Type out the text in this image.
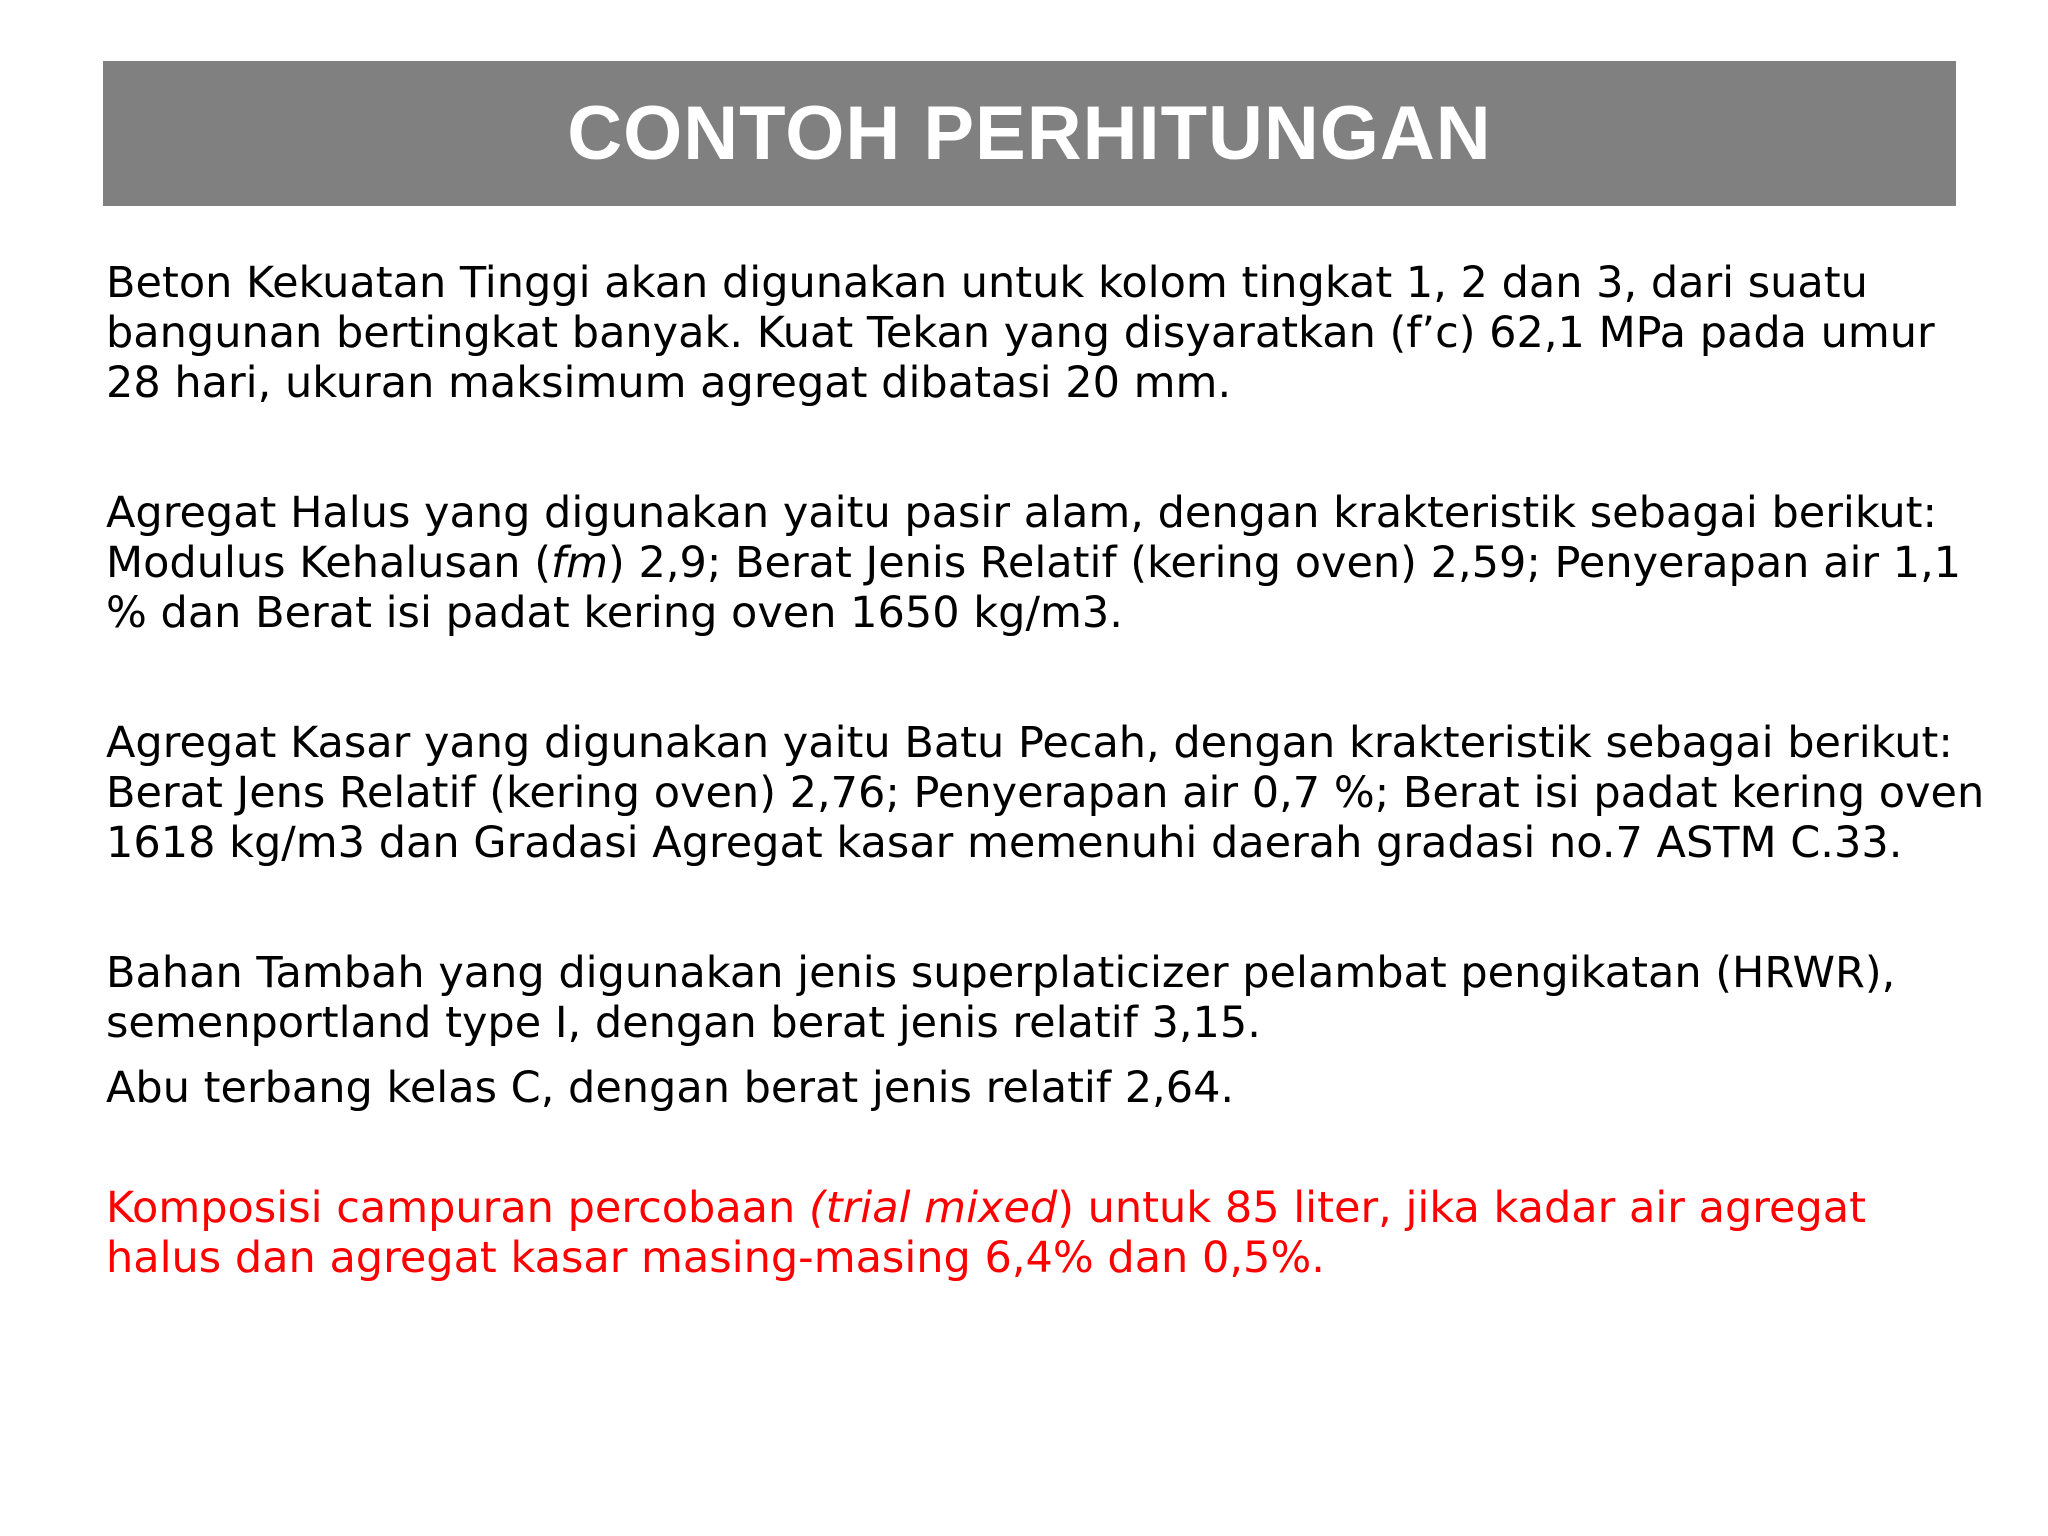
CONTOH PERHITUNGAN

Beton Kekuatan Tinggi akan digunakan untuk kolom tingkat 1, 2 dan 3, dari suatu bangunan bertingkat banyak. Kuat Tekan yang disyaratkan (f’c) 62,1 MPa pada umur 28 hari, ukuran maksimum agregat dibatasi 20 mm.

Agregat Halus yang digunakan yaitu pasir alam, dengan krakteristik sebagai berikut: Modulus Kehalusan (fm) 2,9; Berat Jenis Relatif (kering oven) 2,59; Penyerapan air 1,1 % dan Berat isi padat kering oven 1650 kg/m3.

Agregat Kasar yang digunakan yaitu Batu Pecah, dengan krakteristik sebagai berikut: Berat Jens Relatif (kering oven) 2,76; Penyerapan air 0,7 %; Berat isi padat kering oven 1618 kg/m3 dan Gradasi Agregat kasar memenuhi daerah gradasi no.7 ASTM C.33.

Bahan Tambah yang digunakan jenis superplaticizer pelambat pengikatan (HRWR), semenportland type I, dengan berat jenis relatif 3,15.

Abu terbang kelas C, dengan berat jenis relatif 2,64.

Komposisi campuran percobaan (trial mixed) untuk 85 liter, jika kadar air agregat halus dan agregat kasar masing-masing 6,4% dan 0,5%.
